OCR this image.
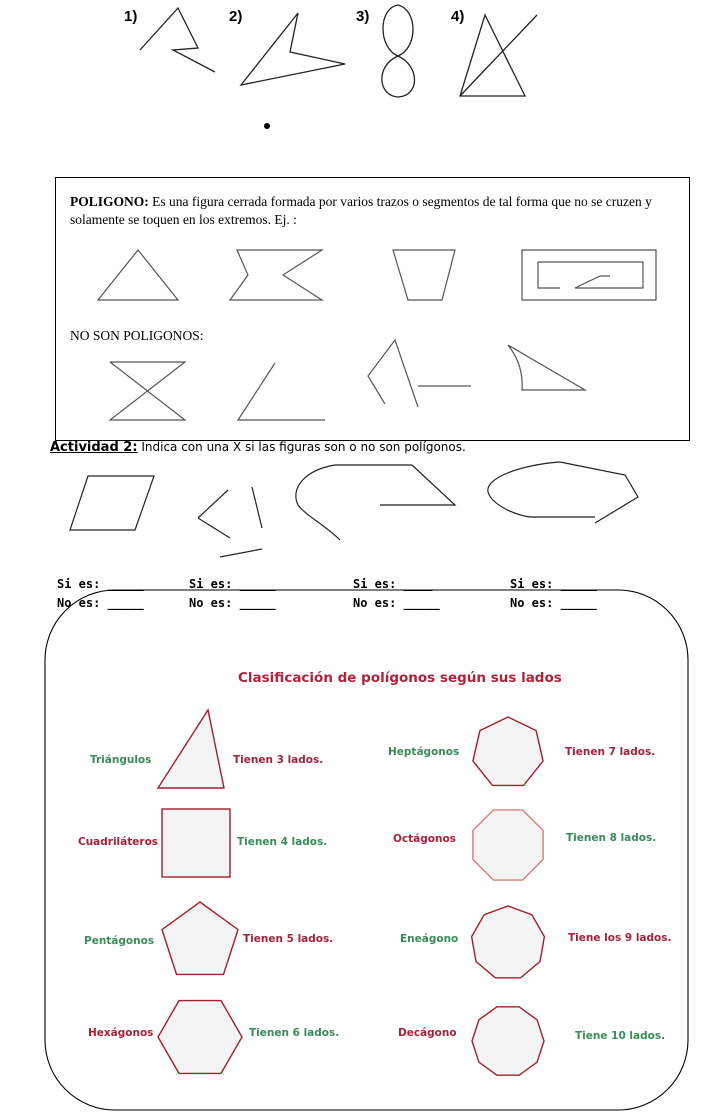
1)	2)	3)	4)
POLIGONO: Es una figura cerrada formada por varios trazos o segmentos de tal forma que no se cruzen y solamente se toquen en los extremos. Ej. :
NO SON POLIGONOS:
Actividad 2: Indica con una X si las figuras son o no son polígonos.
Si es: _____
No es: _____
Si es: _____
No es: _____
Si es: ____
No es: _____
Si es: _____
No es: _____
Clasificación de polígonos según sus lados
Triángulos	Tienen 3 lados.
Cuadriláteros	Tienen 4 lados.
Pentágonos	Tienen 5 lados.
Hexágonos	Tienen 6 lados.
Heptágonos	Tienen 7 lados.
Octágonos	Tienen 8 lados.
Eneágono	Tiene los 9 lados.
Decágono	Tiene 10 lados.
